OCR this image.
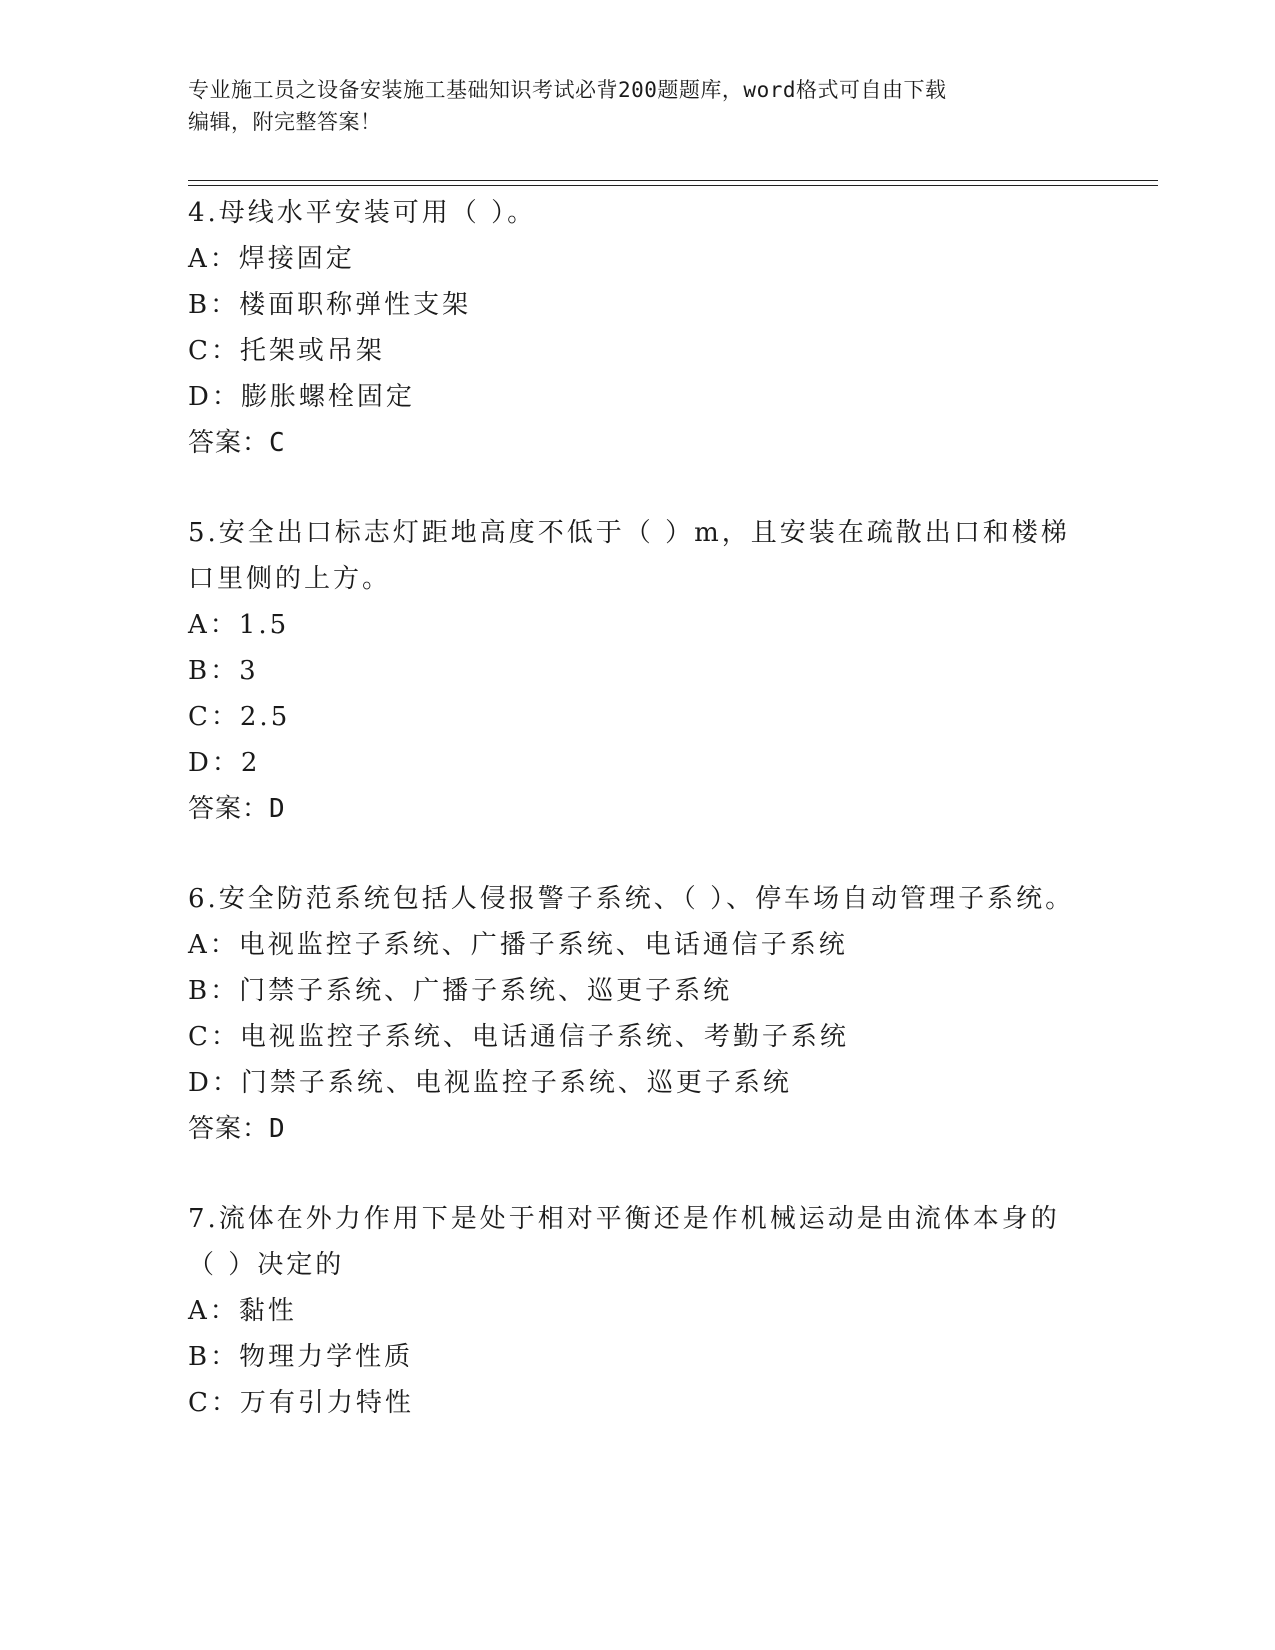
专业施工员之设备安装施工基础知识考试必背200题题库，word格式可自由下载
编辑，附完整答案！
4.母线水平安装可用（ ）。
A：焊接固定
B：楼面职称弹性支架
C：托架或吊架
D：膨胀螺栓固定
答案：C
5.安全出口标志灯距地高度不低于（ ）m，且安装在疏散出口和楼梯口里侧的上方。
A：1.5
B：3
C：2.5
D：2
答案：D
6.安全防范系统包括人侵报警子系统、（ ）、停车场自动管理子系统。
A：电视监控子系统、广播子系统、电话通信子系统
B：门禁子系统、广播子系统、巡更子系统
C：电视监控子系统、电话通信子系统、考勤子系统
D：门禁子系统、电视监控子系统、巡更子系统
答案：D
7.流体在外力作用下是处于相对平衡还是作机械运动是由流体本身的（ ）决定的
A：黏性
B：物理力学性质
C：万有引力特性
